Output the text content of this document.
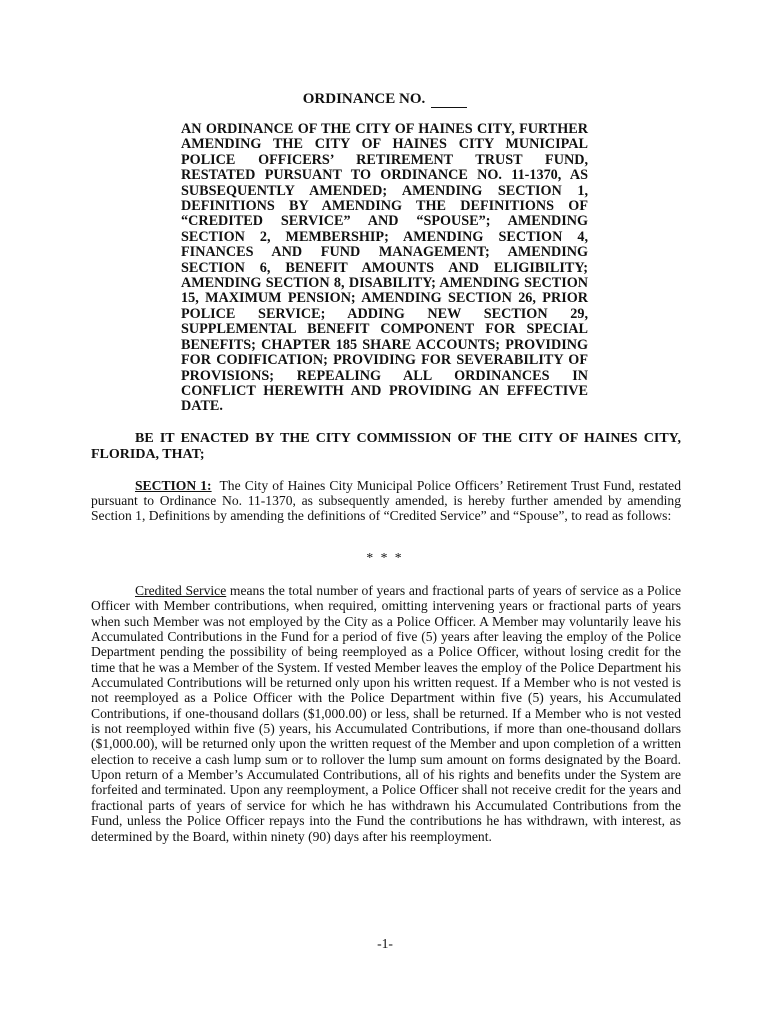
ORDINANCE NO.
AN ORDINANCE OF THE CITY OF HAINES CITY, FURTHER AMENDING THE CITY OF HAINES CITY MUNICIPAL POLICE OFFICERS’ RETIREMENT TRUST FUND, RESTATED PURSUANT TO ORDINANCE NO. 11-1370, AS SUBSEQUENTLY AMENDED; AMENDING SECTION 1, DEFINITIONS BY AMENDING THE DEFINITIONS OF “CREDITED SERVICE” AND “SPOUSE”; AMENDING SECTION 2, MEMBERSHIP; AMENDING SECTION 4, FINANCES AND FUND MANAGEMENT; AMENDING SECTION 6, BENEFIT AMOUNTS AND ELIGIBILITY; AMENDING SECTION 8, DISABILITY; AMENDING SECTION 15, MAXIMUM PENSION; AMENDING SECTION 26, PRIOR POLICE SERVICE; ADDING NEW SECTION 29, SUPPLEMENTAL BENEFIT COMPONENT FOR SPECIAL BENEFITS; CHAPTER 185 SHARE ACCOUNTS; PROVIDING FOR CODIFICATION; PROVIDING FOR SEVERABILITY OF PROVISIONS; REPEALING ALL ORDINANCES IN CONFLICT HEREWITH AND PROVIDING AN EFFECTIVE DATE.
BE IT ENACTED BY THE CITY COMMISSION OF THE CITY OF HAINES CITY, FLORIDA, THAT;
SECTION 1: The City of Haines City Municipal Police Officers’ Retirement Trust Fund, restated pursuant to Ordinance No. 11-1370, as subsequently amended, is hereby further amended by amending Section 1, Definitions by amending the definitions of “Credited Service” and “Spouse”, to read as follows:
* * *
Credited Service means the total number of years and fractional parts of years of service as a Police Officer with Member contributions, when required, omitting intervening years or fractional parts of years when such Member was not employed by the City as a Police Officer. A Member may voluntarily leave his Accumulated Contributions in the Fund for a period of five (5) years after leaving the employ of the Police Department pending the possibility of being reemployed as a Police Officer, without losing credit for the time that he was a Member of the System. If vested Member leaves the employ of the Police Department his Accumulated Contributions will be returned only upon his written request. If a Member who is not vested is not reemployed as a Police Officer with the Police Department within five (5) years, his Accumulated Contributions, if one-thousand dollars ($1,000.00) or less, shall be returned. If a Member who is not vested is not reemployed within five (5) years, his Accumulated Contributions, if more than one-thousand dollars ($1,000.00), will be returned only upon the written request of the Member and upon completion of a written election to receive a cash lump sum or to rollover the lump sum amount on forms designated by the Board. Upon return of a Member’s Accumulated Contributions, all of his rights and benefits under the System are forfeited and terminated. Upon any reemployment, a Police Officer shall not receive credit for the years and fractional parts of years of service for which he has withdrawn his Accumulated Contributions from the Fund, unless the Police Officer repays into the Fund the contributions he has withdrawn, with interest, as determined by the Board, within ninety (90) days after his reemployment.
-1-
